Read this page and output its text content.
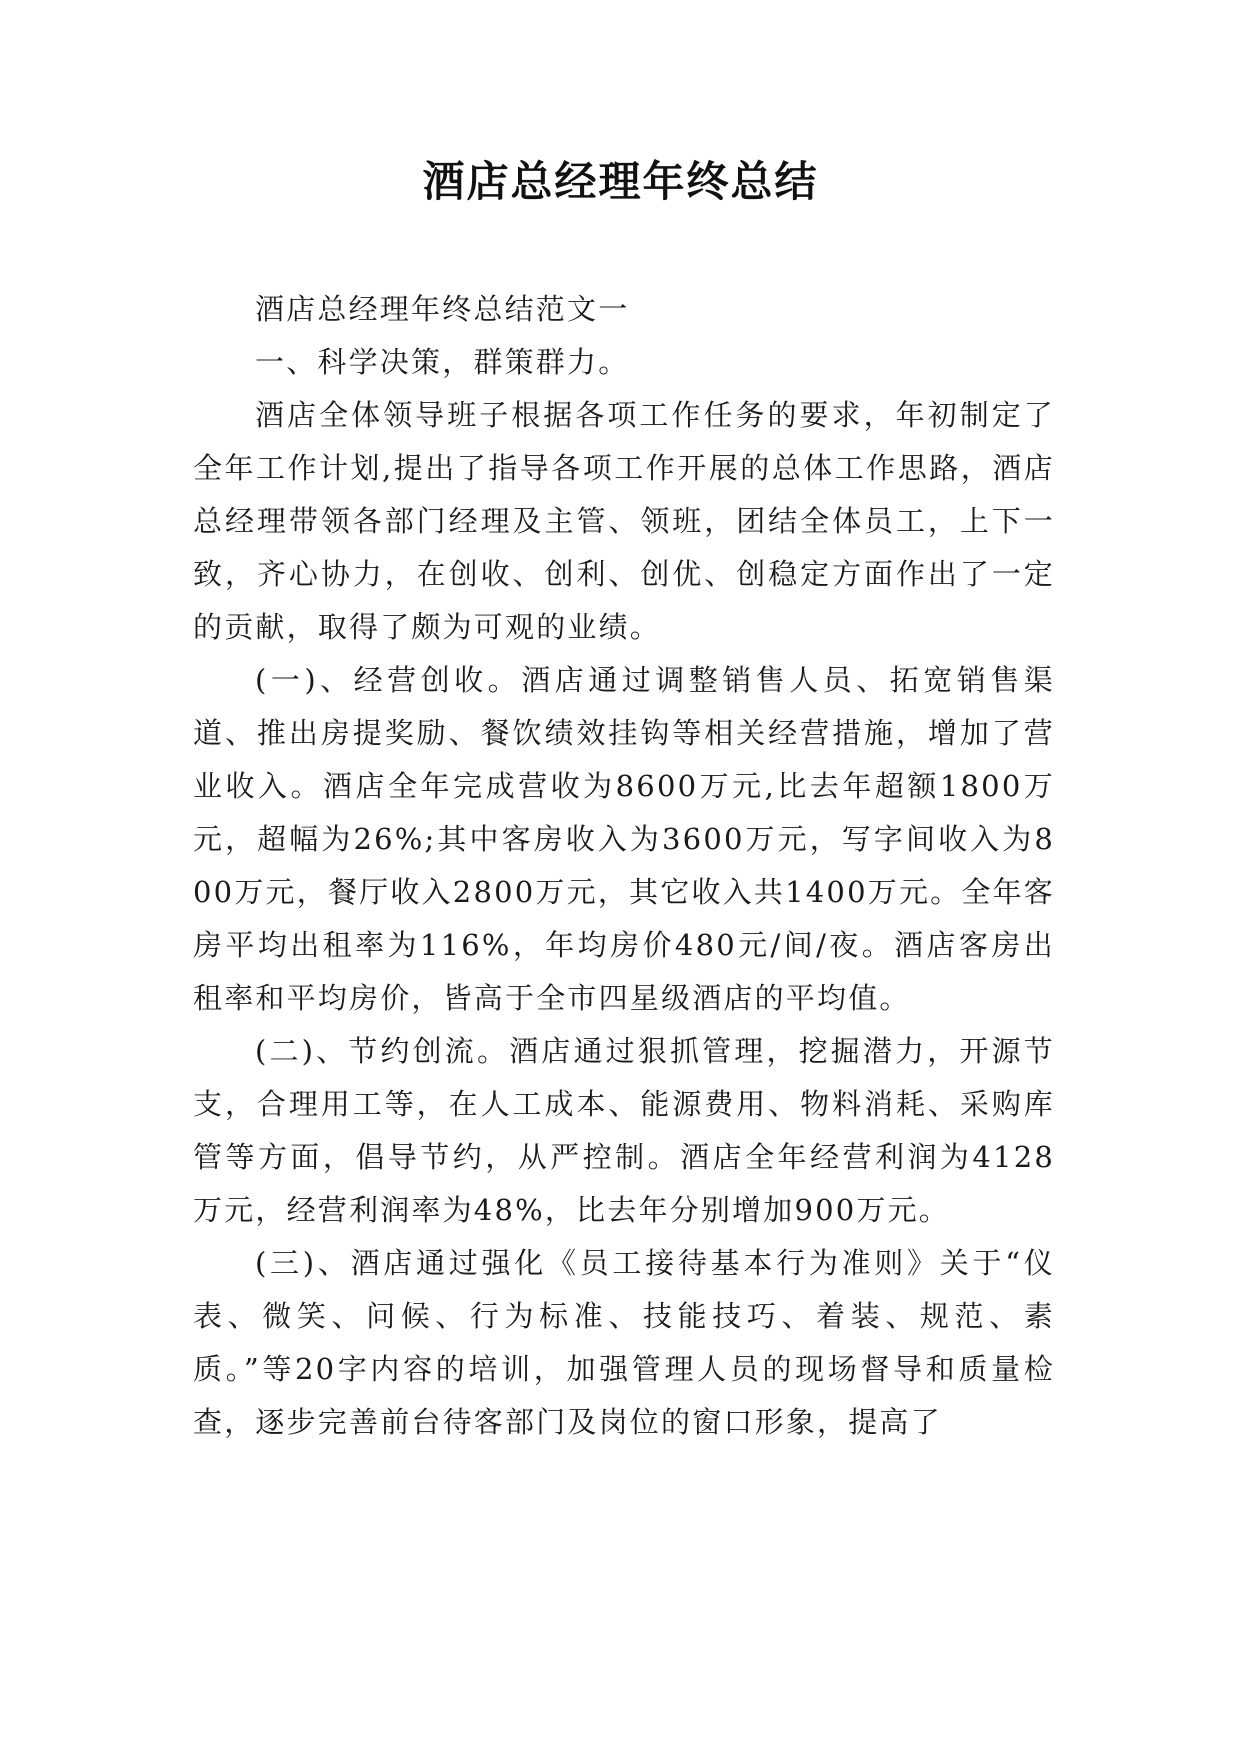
酒店总经理年终总结

酒店总经理年终总结范文一

一、科学决策，群策群力。

酒店全体领导班子根据各项工作任务的要求，年初制定了全年工作计划,提出了指导各项工作开展的总体工作思路，酒店总经理带领各部门经理及主管、领班，团结全体员工，上下一致，齐心协力，在创收、创利、创优、创稳定方面作出了一定的贡献，取得了颇为可观的业绩。

(一)、经营创收。酒店通过调整销售人员、拓宽销售渠道、推出房提奖励、餐饮绩效挂钩等相关经营措施，增加了营业收入。酒店全年完成营收为8600万元,比去年超额1800万元，超幅为26%;其中客房收入为3600万元，写字间收入为800万元，餐厅收入2800万元，其它收入共1400万元。全年客房平均出租率为116%，年均房价480元/间/夜。酒店客房出租率和平均房价，皆高于全市四星级酒店的平均值。

(二)、节约创流。酒店通过狠抓管理，挖掘潜力，开源节支，合理用工等，在人工成本、能源费用、物料消耗、采购库管等方面，倡导节约，从严控制。酒店全年经营利润为4128万元，经营利润率为48%，比去年分别增加900万元。

(三)、酒店通过强化《员工接待基本行为准则》关于“仪表、微笑、问候、行为标准、技能技巧、着装、规范、素质。”等20字内容的培训，加强管理人员的现场督导和质量检查，逐步完善前台待客部门及岗位的窗口形象，提高了
